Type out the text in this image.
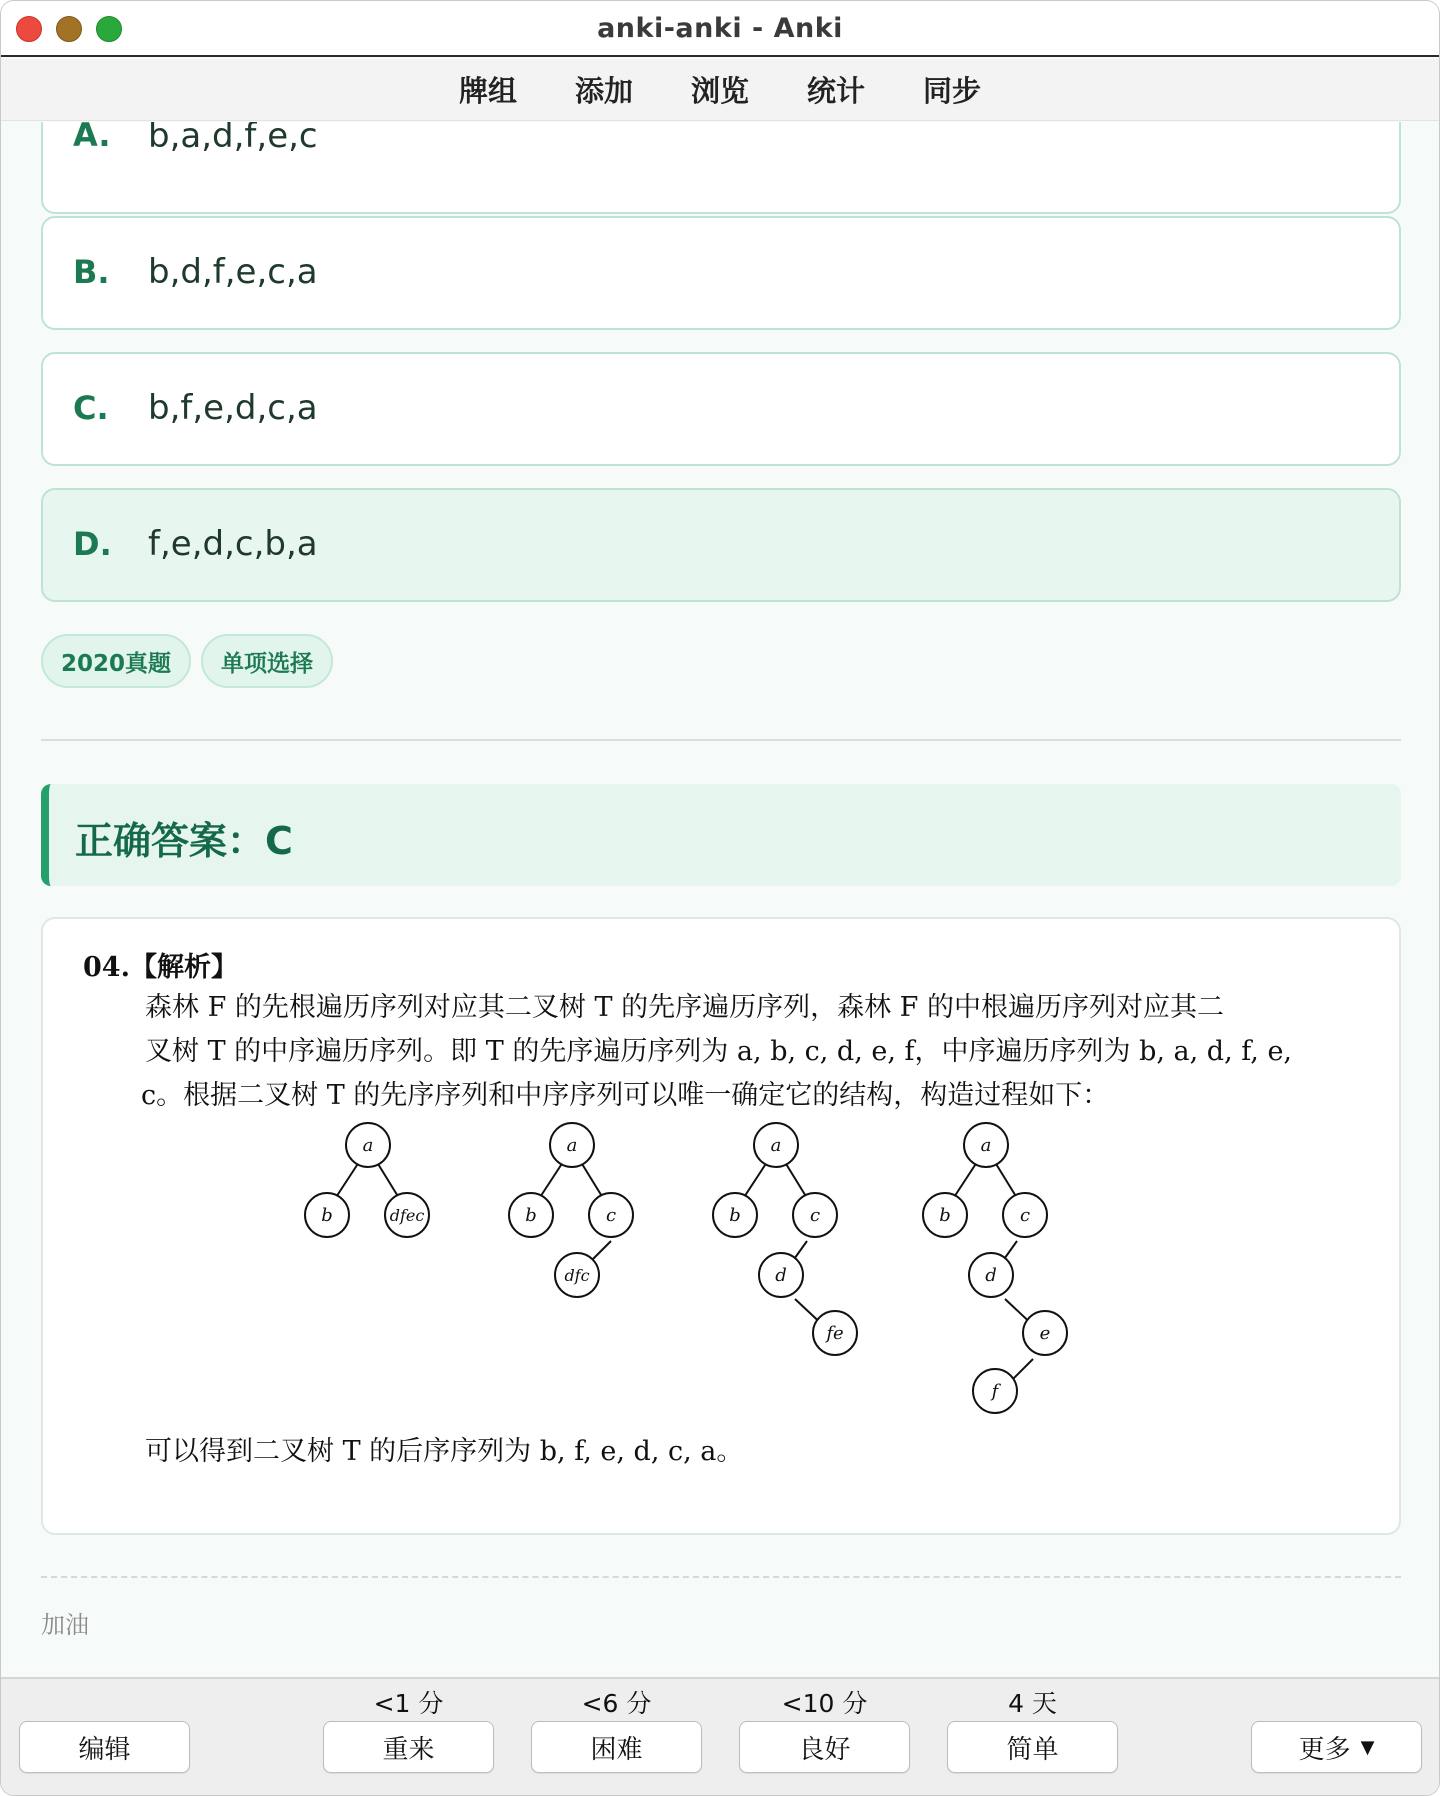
anki-anki - Anki
牌组 添加 浏览 统计 同步
A. b,a,d,f,e,c
B. b,d,f,e,c,a
C. b,f,e,d,c,a
D. f,e,d,c,b,a
2020真题	单项选择
正确答案：C
04.【解析】
森林 F 的先根遍历序列对应其二叉树 T 的先序遍历序列，森林 F 的中根遍历序列对应其二
叉树 T 的中序遍历序列。即 T 的先序遍历序列为 a, b, c, d, e, f，中序遍历序列为 b, a, d, f, e,
c。根据二叉树 T 的先序序列和中序序列可以唯一确定它的结构，构造过程如下：
a
b	dfec
a
b	c
dfc
a
b	c
d
fe
a
b	c
d
e
f
可以得到二叉树 T 的后序序列为 b, f, e, d, c, a。
加油
编辑
<1 分
重来
<6 分
困难
<10 分
良好
4 天
简单	更多 ▼
